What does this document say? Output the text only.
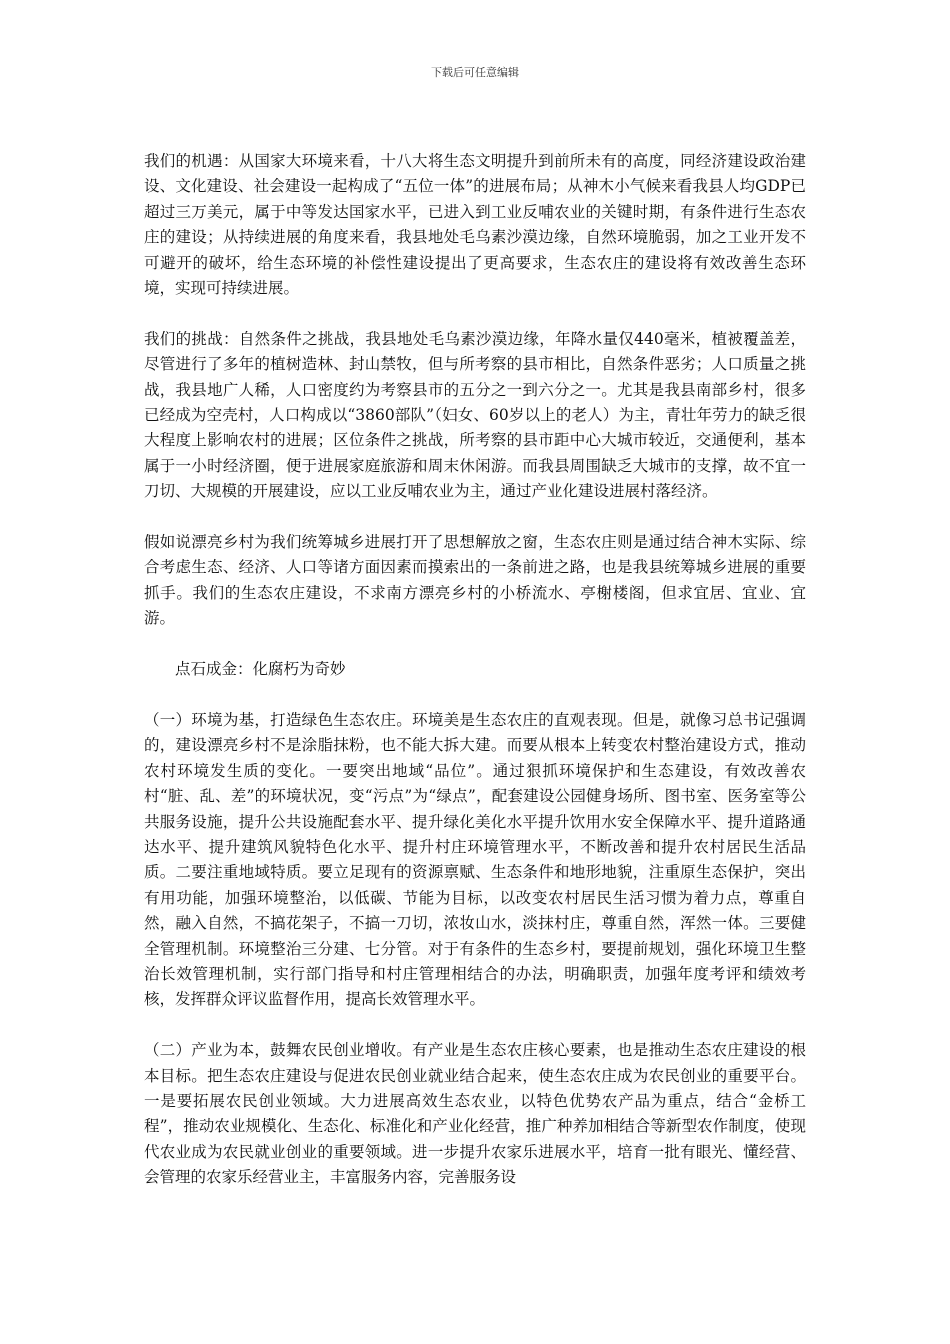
下载后可任意编辑

我们的机遇：从国家大环境来看，十八大将生态文明提升到前所未有的高度，同经济建设政治建设、文化建设、社会建设一起构成了“五位一体”的进展布局；从神木小气候来看我县人均GDP已超过三万美元，属于中等发达国家水平，已进入到工业反哺农业的关键时期，有条件进行生态农庄的建设；从持续进展的角度来看，我县地处毛乌素沙漠边缘，自然环境脆弱，加之工业开发不可避开的破坏，给生态环境的补偿性建设提出了更高要求，生态农庄的建设将有效改善生态环境，实现可持续进展。

我们的挑战：自然条件之挑战，我县地处毛乌素沙漠边缘，年降水量仅440毫米，植被覆盖差，尽管进行了多年的植树造林、封山禁牧，但与所考察的县市相比，自然条件恶劣；人口质量之挑战，我县地广人稀，人口密度约为考察县市的五分之一到六分之一。尤其是我县南部乡村，很多已经成为空壳村，人口构成以“3860部队”（妇女、60岁以上的老人）为主，青壮年劳力的缺乏很大程度上影响农村的进展；区位条件之挑战，所考察的县市距中心大城市较近，交通便利，基本属于一小时经济圈，便于进展家庭旅游和周末休闲游。而我县周围缺乏大城市的支撑，故不宜一刀切、大规模的开展建设，应以工业反哺农业为主，通过产业化建设进展村落经济。

假如说漂亮乡村为我们统筹城乡进展打开了思想解放之窗，生态农庄则是通过结合神木实际、综合考虑生态、经济、人口等诸方面因素而摸索出的一条前进之路，也是我县统筹城乡进展的重要抓手。我们的生态农庄建设，不求南方漂亮乡村的小桥流水、亭榭楼阁，但求宜居、宜业、宜游。

点石成金：化腐朽为奇妙

（一）环境为基，打造绿色生态农庄。环境美是生态农庄的直观表现。但是，就像习总书记强调的，建设漂亮乡村不是涂脂抹粉，也不能大拆大建。而要从根本上转变农村整治建设方式，推动农村环境发生质的变化。一要突出地域“品位”。通过狠抓环境保护和生态建设，有效改善农村“脏、乱、差”的环境状况，变“污点”为“绿点”，配套建设公园健身场所、图书室、医务室等公共服务设施，提升公共设施配套水平、提升绿化美化水平提升饮用水安全保障水平、提升道路通达水平、提升建筑风貌特色化水平、提升村庄环境管理水平，不断改善和提升农村居民生活品质。二要注重地域特质。要立足现有的资源禀赋、生态条件和地形地貌，注重原生态保护，突出有用功能，加强环境整治，以低碳、节能为目标，以改变农村居民生活习惯为着力点，尊重自然，融入自然，不搞花架子，不搞一刀切，浓妆山水，淡抹村庄，尊重自然，浑然一体。三要健全管理机制。环境整治三分建、七分管。对于有条件的生态乡村，要提前规划，强化环境卫生整治长效管理机制，实行部门指导和村庄管理相结合的办法，明确职责，加强年度考评和绩效考核，发挥群众评议监督作用，提高长效管理水平。

（二）产业为本，鼓舞农民创业增收。有产业是生态农庄核心要素，也是推动生态农庄建设的根本目标。把生态农庄建设与促进农民创业就业结合起来，使生态农庄成为农民创业的重要平台。一是要拓展农民创业领域。大力进展高效生态农业，以特色优势农产品为重点，结合“金桥工程”，推动农业规模化、生态化、标准化和产业化经营，推广种养加相结合等新型农作制度，使现代农业成为农民就业创业的重要领域。进一步提升农家乐进展水平，培育一批有眼光、懂经营、会管理的农家乐经营业主，丰富服务内容，完善服务设
